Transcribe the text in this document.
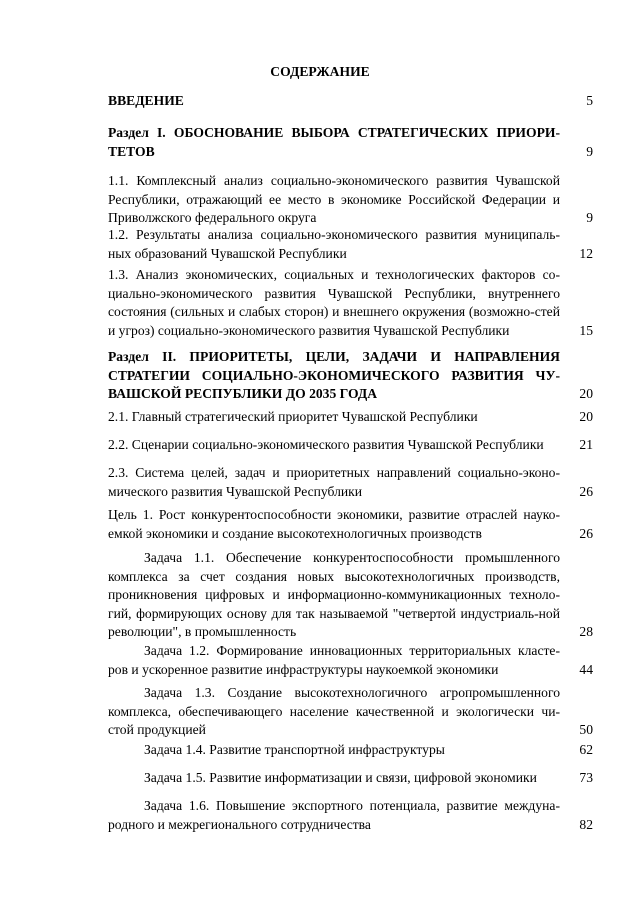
СОДЕРЖАНИЕ
ВВЕДЕНИЕ	5
Раздел I. ОБОСНОВАНИЕ ВЫБОРА СТРАТЕГИЧЕСКИХ ПРИОРИ-ТЕТОВ	9
1.1. Комплексный анализ социально-экономического развития Чувашской Республики, отражающий ее место в экономике Российской Федерации и Приволжского федерального округа	9
1.2. Результаты анализа социально-экономического развития муниципаль-ных образований Чувашской Республики	12
1.3. Анализ экономических, социальных и технологических факторов со-циально-экономического развития Чувашской Республики, внутреннего состояния (сильных и слабых сторон) и внешнего окружения (возможно-стей и угроз) социально-экономического развития Чувашской Республики	15
Раздел II. ПРИОРИТЕТЫ, ЦЕЛИ, ЗАДАЧИ И НАПРАВЛЕНИЯ СТРАТЕГИИ СОЦИАЛЬНО-ЭКОНОМИЧЕСКОГО РАЗВИТИЯ ЧУ-ВАШСКОЙ РЕСПУБЛИКИ ДО 2035 ГОДА	20
2.1. Главный стратегический приоритет Чувашской Республики	20
2.2. Сценарии социально-экономического развития Чувашской Республики	21
2.3. Система целей, задач и приоритетных направлений социально-эконо-мического развития Чувашской Республики	26
Цель 1. Рост конкурентоспособности экономики, развитие отраслей науко-емкой экономики и создание высокотехнологичных производств	26
Задача 1.1. Обеспечение конкурентоспособности промышленного комплекса за счет создания новых высокотехнологичных производств, проникновения цифровых и информационно-коммуникационных техноло-гий, формирующих основу для так называемой "четвертой индустриаль-ной революции", в промышленность	28
Задача 1.2. Формирование инновационных территориальных класте-ров и ускоренное развитие инфраструктуры наукоемкой экономики	44
Задача 1.3. Создание высокотехнологичного агропромышленного комплекса, обеспечивающего население качественной и экологически чи-стой продукцией	50
Задача 1.4. Развитие транспортной инфраструктуры	62
Задача 1.5. Развитие информатизации и связи, цифровой экономики	73
Задача 1.6. Повышение экспортного потенциала, развитие междуна-родного и межрегионального сотрудничества	82
